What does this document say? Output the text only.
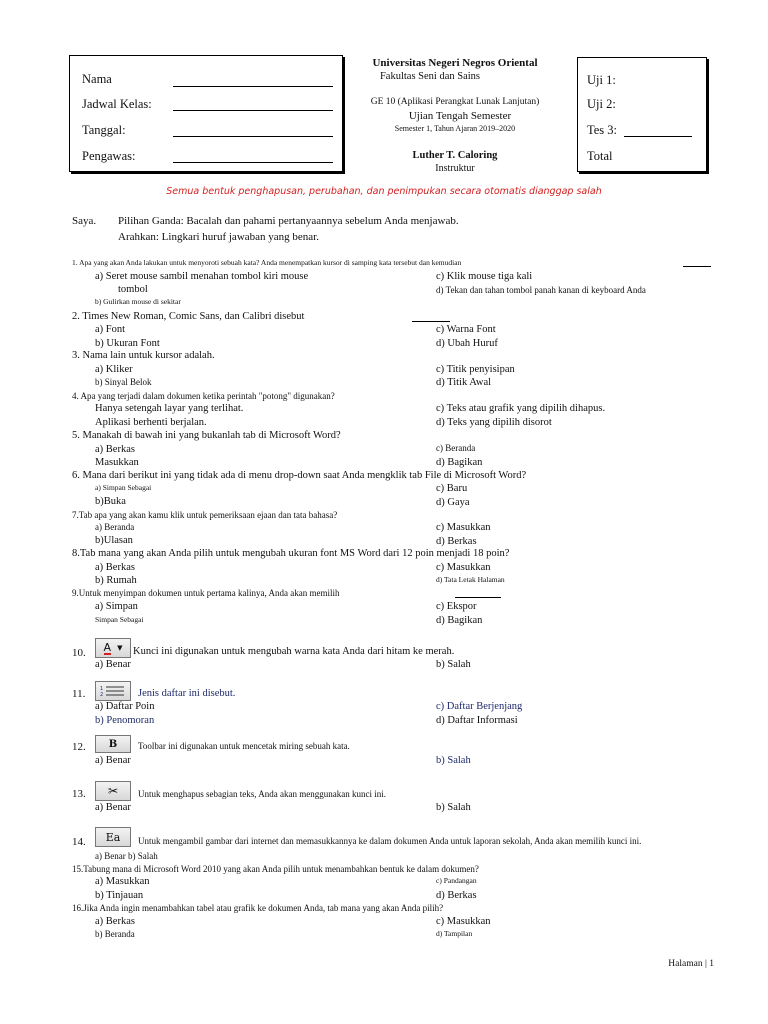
Nama
Jadwal Kelas:
Tanggal:
Pengawas:
Universitas Negeri Negros Oriental
Fakultas Seni dan Sains
GE 10 (Aplikasi Perangkat Lunak Lanjutan)
Ujian Tengah Semester
Semester 1, Tahun Ajaran 2019–2020
Luther T. Caloring
Instruktur
Uji 1:
Uji 2:
Tes 3:
Total
Semua bentuk penghapusan, perubahan, dan penimpukan secara otomatis dianggap salah
Saya. Pilihan Ganda: Bacalah dan pahami pertanyaannya sebelum Anda menjawab.
Arahkan: Lingkari huruf jawaban yang benar.
1. Apa yang akan Anda lakukan untuk menyoroti sebuah kata? Anda menempatkan kursor di samping kata tersebut dan kemudian
a) Seret mouse sambil menahan tombol kiri mouse
tombol
b) Gulirkan mouse di sekitar
c) Klik mouse tiga kali
d) Tekan dan tahan tombol panah kanan di keyboard Anda
2. Times New Roman, Comic Sans, dan Calibri disebut
a) Font
b) Ukuran Font
c) Warna Font
d) Ubah Huruf
3. Nama lain untuk kursor adalah.
a) Kliker
b) Sinyal Belok
c) Titik penyisipan
d) Titik Awal
4. Apa yang terjadi dalam dokumen ketika perintah "potong" digunakan?
Hanya setengah layar yang terlihat.
Aplikasi berhenti berjalan.
c) Teks atau grafik yang dipilih dihapus.
d) Teks yang dipilih disorot
5. Manakah di bawah ini yang bukanlah tab di Microsoft Word?
a) Berkas
Masukkan
c) Beranda
d) Bagikan
6. Mana dari berikut ini yang tidak ada di menu drop-down saat Anda mengklik tab File di Microsoft Word?
a) Simpan Sebagai
b)Buka
c) Baru
d) Gaya
7.Tab apa yang akan kamu klik untuk pemeriksaan ejaan dan tata bahasa?
a) Beranda
b)Ulasan
c) Masukkan
d) Berkas
8.Tab mana yang akan Anda pilih untuk mengubah ukuran font MS Word dari 12 poin menjadi 18 poin?
a) Berkas
b) Rumah
c) Masukkan
d) Tata Letak Halaman
9.Untuk menyimpan dokumen untuk pertama kalinya, Anda akan memilih
a) Simpan
Simpan Sebagai
c) Ekspor
d) Bagikan
10. A ▼ Kunci ini digunakan untuk mengubah warna kata Anda dari hitam ke merah.
a) Benar	b) Salah
11.	1
2	Jenis daftar ini disebut.
a) Daftar Poin
b) Penomoran
c) Daftar Berjenjang
d) Daftar Informasi
12. B Toolbar ini digunakan untuk mencetak miring sebuah kata.
a) Benar	b) Salah
13. ✂ Untuk menghapus sebagian teks, Anda akan menggunakan kunci ini.
a) Benar	b) Salah
14. Ea Untuk mengambil gambar dari internet dan memasukkannya ke dalam dokumen Anda untuk laporan sekolah, Anda akan memilih kunci ini.
a) Benar b) Salah
15.Tabung mana di Microsoft Word 2010 yang akan Anda pilih untuk menambahkan bentuk ke dalam dokumen?
a) Masukkan
b) Tinjauan
c) Pandangan
d) Berkas
16.Jika Anda ingin menambahkan tabel atau grafik ke dokumen Anda, tab mana yang akan Anda pilih?
a) Berkas
b) Beranda
c) Masukkan
d) Tampilan
Halaman | 1
